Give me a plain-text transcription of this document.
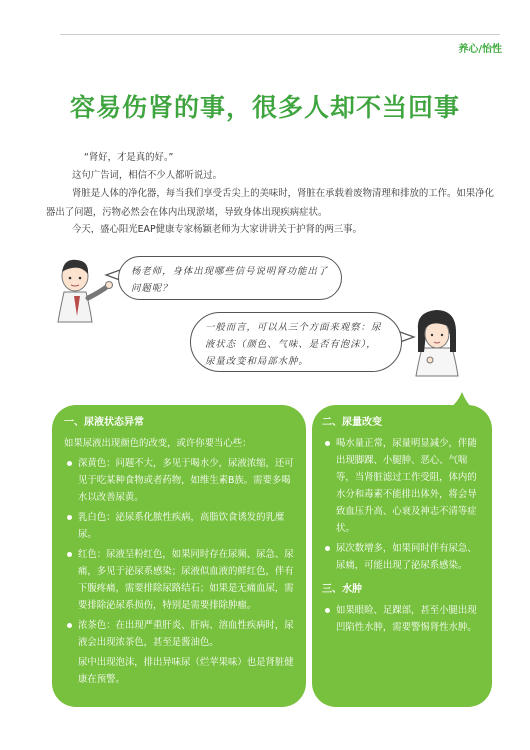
养心/怡性
容易伤肾的事，很多人却不当回事
“肾好，才是真的好。”
这句广告词，相信不少人都听说过。
肾脏是人体的净化器，每当我们享受舌尖上的美味时，肾脏在承载着废物清理和排放的工作。如果净化器出了问题，污物必然会在体内出现淤堵，导致身体出现疾病症状。
今天，盛心阳光EAP健康专家杨颖老师为大家讲讲关于护肾的两三事。
杨老师，身体出现哪些信号说明肾功能出了问题呢？
一般而言，可以从三个方面来观察：尿液状态（颜色、气味、是否有泡沫），尿量改变和局部水肿。
一、尿液状态异常
如果尿液出现颜色的改变，或许你要当心些：
深黄色：问题不大，多见于喝水少，尿液浓缩，还可见于吃某种食物或者药物，如维生素B族。需要多喝水以改善尿黄。
乳白色：泌尿系化脓性疾病，高脂饮食诱发的乳糜尿。
红色：尿液呈粉红色，如果同时存在尿频、尿急、尿痛，多见于泌尿系感染；尿液似血液的鲜红色，伴有下腹疼痛，需要排除尿路结石；如果是无痛血尿，需要排除泌尿系损伤，特别是需要排除肿瘤。
浓茶色：在出现严重肝炎、肝病、溶血性疾病时，尿液会出现浓茶色，甚至是酱油色。
尿中出现泡沫，排出异味尿（烂苹果味）也是肾脏健康在预警。
二、尿量改变
喝水量正常，尿量明显减少，伴随出现脚踝、小腿肿、恶心、气喘等，当肾脏滤过工作受阻，体内的水分和毒素不能排出体外，将会导致血压升高、心衰及神志不清等症状。
尿次数增多，如果同时伴有尿急、尿痛，可能出现了泌尿系感染。
三、水肿
如果眼睑、足踝部，甚至小腿出现凹陷性水肿，需要警惕肾性水肿。
